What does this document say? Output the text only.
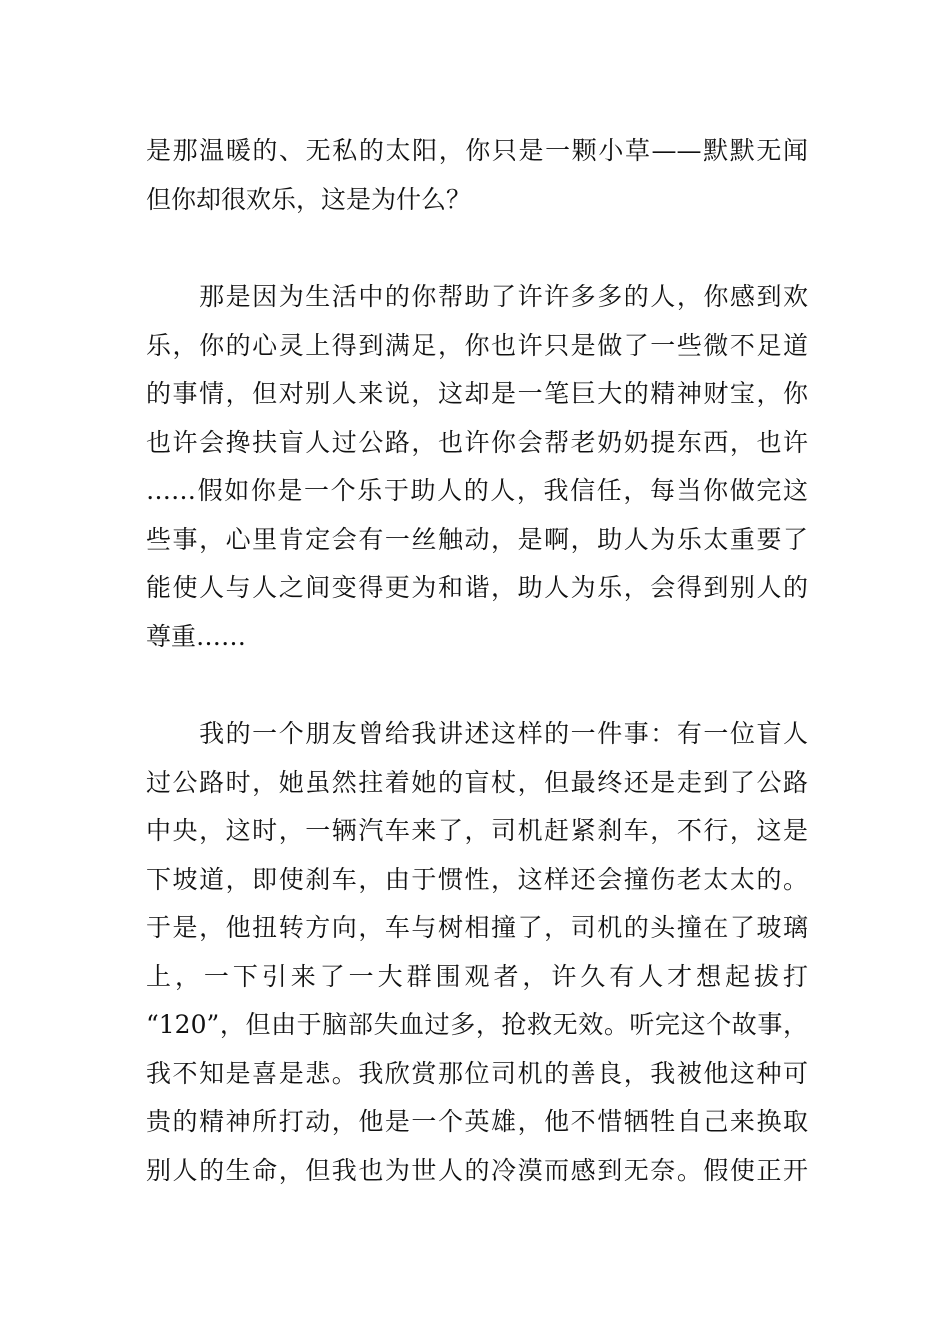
是那温暖的、无私的太阳，你只是一颗小草——默默无闻
但你却很欢乐，这是为什么？
　　那是因为生活中的你帮助了许许多多的人，你感到欢
乐，你的心灵上得到满足，你也许只是做了一些微不足道
的事情，但对别人来说，这却是一笔巨大的精神财宝，你
也许会搀扶盲人过公路，也许你会帮老奶奶提东西，也许
……假如你是一个乐于助人的人，我信任，每当你做完这
些事，心里肯定会有一丝触动，是啊，助人为乐太重要了
能使人与人之间变得更为和谐，助人为乐，会得到别人的
尊重……
　　我的一个朋友曾给我讲述这样的一件事：有一位盲人
过公路时，她虽然拄着她的盲杖，但最终还是走到了公路
中央，这时，一辆汽车来了，司机赶紧刹车，不行，这是
下坡道，即使刹车，由于惯性，这样还会撞伤老太太的。
于是，他扭转方向，车与树相撞了，司机的头撞在了玻璃
上，一下引来了一大群围观者，许久有人才想起拔打
“120”，但由于脑部失血过多，抢救无效。听完这个故事，
我不知是喜是悲。我欣赏那位司机的善良，我被他这种可
贵的精神所打动，他是一个英雄，他不惜牺牲自己来换取
别人的生命，但我也为世人的冷漠而感到无奈。假使正开
